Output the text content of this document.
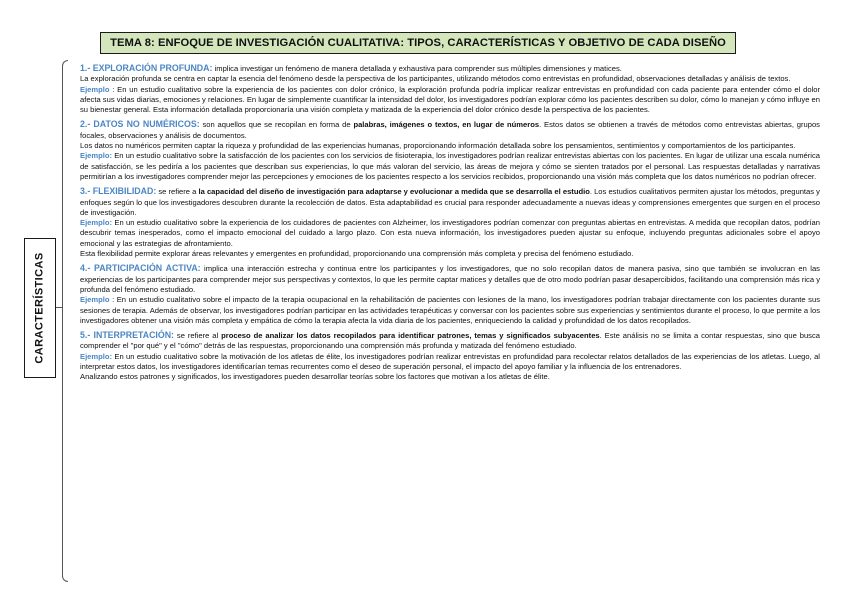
TEMA 8: ENFOQUE DE INVESTIGACIÓN CUALITATIVA: TIPOS, CARACTERÍSTICAS Y OBJETIVO DE CADA DISEÑO
CARACTERÍSTICAS

1.- EXPLORACIÓN PROFUNDA: implica investigar un fenómeno de manera detallada y exhaustiva para comprender sus múltiples dimensiones y matices.

La exploración profunda se centra en captar la esencia del fenómeno desde la perspectiva de los participantes, utilizando métodos como entrevistas en profundidad, observaciones detalladas y análisis de textos.

Ejemplo : En un estudio cualitativo sobre la experiencia de los pacientes con dolor crónico, la exploración profunda podría implicar realizar entrevistas en profundidad con cada paciente para entender cómo el dolor afecta sus vidas diarias, emociones y relaciones. En lugar de simplemente cuantificar la intensidad del dolor, los investigadores podrían explorar cómo los pacientes describen su dolor, cómo lo manejan y cómo influye en su bienestar general. Esta información detallada proporcionaría una visión completa y matizada de la experiencia del dolor crónico desde la perspectiva de los pacientes.

2.- DATOS NO NUMÉRICOS: son aquellos que se recopilan en forma de palabras, imágenes o textos, en lugar de números. Estos datos se obtienen a través de métodos como entrevistas abiertas, grupos focales, observaciones y análisis de documentos.

Los datos no numéricos permiten captar la riqueza y profundidad de las experiencias humanas, proporcionando información detallada sobre los pensamientos, sentimientos y comportamientos de los participantes.

Ejemplo: En un estudio cualitativo sobre la satisfacción de los pacientes con los servicios de fisioterapia, los investigadores podrían realizar entrevistas abiertas con los pacientes. En lugar de utilizar una escala numérica de satisfacción, se les pediría a los pacientes que describan sus experiencias, lo que más valoran del servicio, las áreas de mejora y cómo se sienten tratados por el personal. Las respuestas detalladas y narrativas permitirían a los investigadores comprender mejor las percepciones y emociones de los pacientes respecto a los servicios recibidos, proporcionando una visión más completa que los datos numéricos no podrían ofrecer.

3.- FLEXIBILIDAD: se refiere a la capacidad del diseño de investigación para adaptarse y evolucionar a medida que se desarrolla el estudio. Los estudios cualitativos permiten ajustar los métodos, preguntas y enfoques según lo que los investigadores descubren durante la recolección de datos. Esta adaptabilidad es crucial para responder adecuadamente a nuevas ideas y comprensiones emergentes que surgen en el proceso de investigación.

Ejemplo: En un estudio cualitativo sobre la experiencia de los cuidadores de pacientes con Alzheimer, los investigadores podrían comenzar con preguntas abiertas en entrevistas. A medida que recopilan datos, podrían descubrir temas inesperados, como el impacto emocional del cuidado a largo plazo. Con esta nueva información, los investigadores pueden ajustar su enfoque, incluyendo preguntas adicionales sobre el apoyo emocional y las estrategias de afrontamiento.

Esta flexibilidad permite explorar áreas relevantes y emergentes en profundidad, proporcionando una comprensión más completa y precisa del fenómeno estudiado.

4.- PARTICIPACIÓN ACTIVA: implica una interacción estrecha y continua entre los participantes y los investigadores, que no solo recopilan datos de manera pasiva, sino que también se involucran en las experiencias de los participantes para comprender mejor sus perspectivas y contextos, lo que les permite captar matices y detalles que de otro modo podrían pasar desapercibidos, facilitando una comprensión más rica y profunda del fenómeno estudiado.

Ejemplo : En un estudio cualitativo sobre el impacto de la terapia ocupacional en la rehabilitación de pacientes con lesiones de la mano, los investigadores podrían trabajar directamente con los pacientes durante sus sesiones de terapia. Además de observar, los investigadores podrían participar en las actividades terapéuticas y conversar con los pacientes sobre sus experiencias y sentimientos durante el proceso, lo que permite a los investigadores obtener una visión más completa y empática de cómo la terapia afecta la vida diaria de los pacientes, enriqueciendo la calidad y profundidad de los datos recopilados.

5.- INTERPRETACIÓN: se refiere al proceso de analizar los datos recopilados para identificar patrones, temas y significados subyacentes. Este análisis no se limita a contar respuestas, sino que busca comprender el "por qué" y el "cómo" detrás de las respuestas, proporcionando una comprensión más profunda y matizada del fenómeno estudiado.

Ejemplo: En un estudio cualitativo sobre la motivación de los atletas de élite, los investigadores podrían realizar entrevistas en profundidad para recolectar relatos detallados de las experiencias de los atletas. Luego, al interpretar estos datos, los investigadores identificarían temas recurrentes como el deseo de superación personal, el impacto del apoyo familiar y la influencia de los entrenadores.

Analizando estos patrones y significados, los investigadores pueden desarrollar teorías sobre los factores que motivan a los atletas de élite.
